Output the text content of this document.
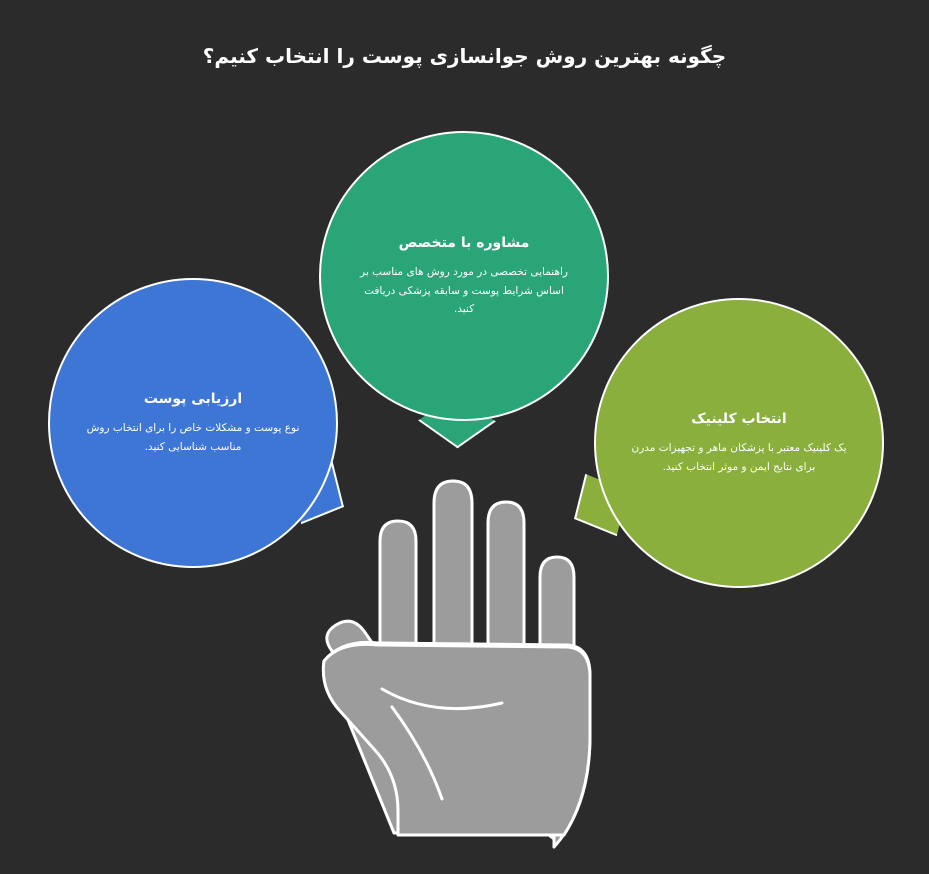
چگونه بهترین روش جوانسازی پوست را انتخاب کنیم؟
ارزیابی پوست
نوع پوست و مشکلات خاص را برای انتخاب روش مناسب شناسایی کنید.
مشاوره با متخصص
راهنمایی تخصصی در مورد روش های مناسب بر اساس شرایط پوست و سابقه پزشکی دریافت کنید.
انتخاب کلینیک
یک کلینیک معتبر با پزشکان ماهر و تجهیزات مدرن برای نتایج ایمن و موثر انتخاب کنید.
